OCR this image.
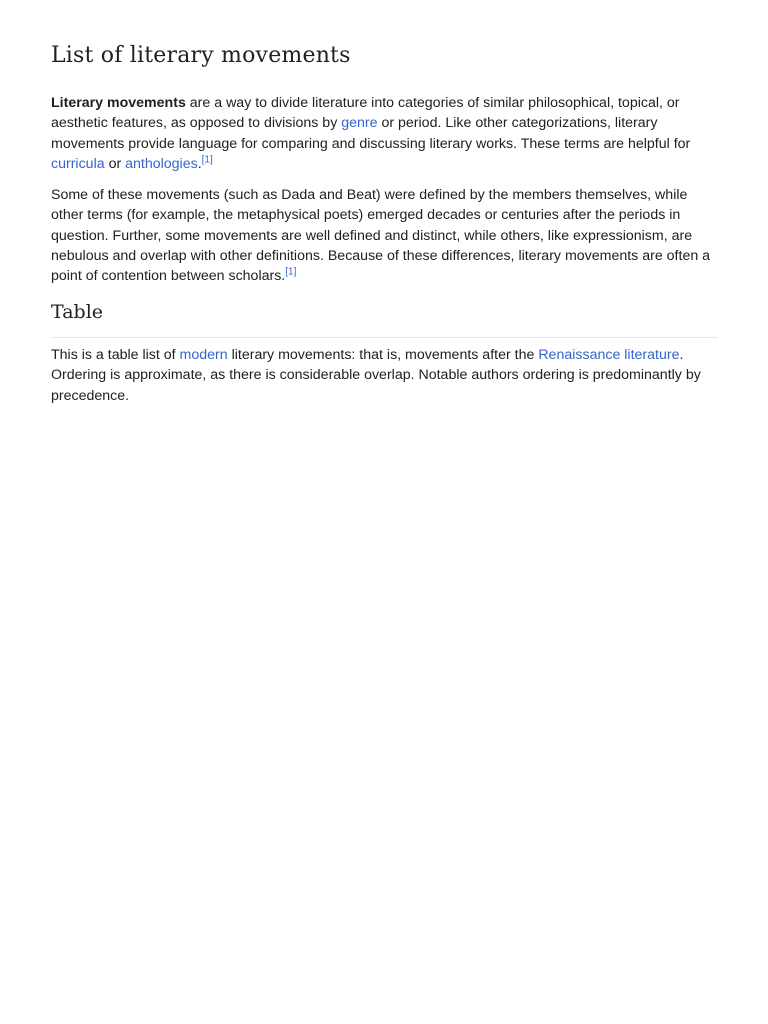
List of literary movements

Literary movements are a way to divide literature into categories of similar philosophical, topical, or aesthetic features, as opposed to divisions by genre or period. Like other categorizations, literary movements provide language for comparing and discussing literary works. These terms are helpful for curricula or anthologies.[1]

Some of these movements (such as Dada and Beat) were defined by the members themselves, while other terms (for example, the metaphysical poets) emerged decades or centuries after the periods in question. Further, some movements are well defined and distinct, while others, like expressionism, are nebulous and overlap with other definitions. Because of these differences, literary movements are often a point of contention between scholars.[1]

Table

This is a table list of modern literary movements: that is, movements after the Renaissance literature. Ordering is approximate, as there is considerable overlap. Notable authors ordering is predominantly by precedence.
